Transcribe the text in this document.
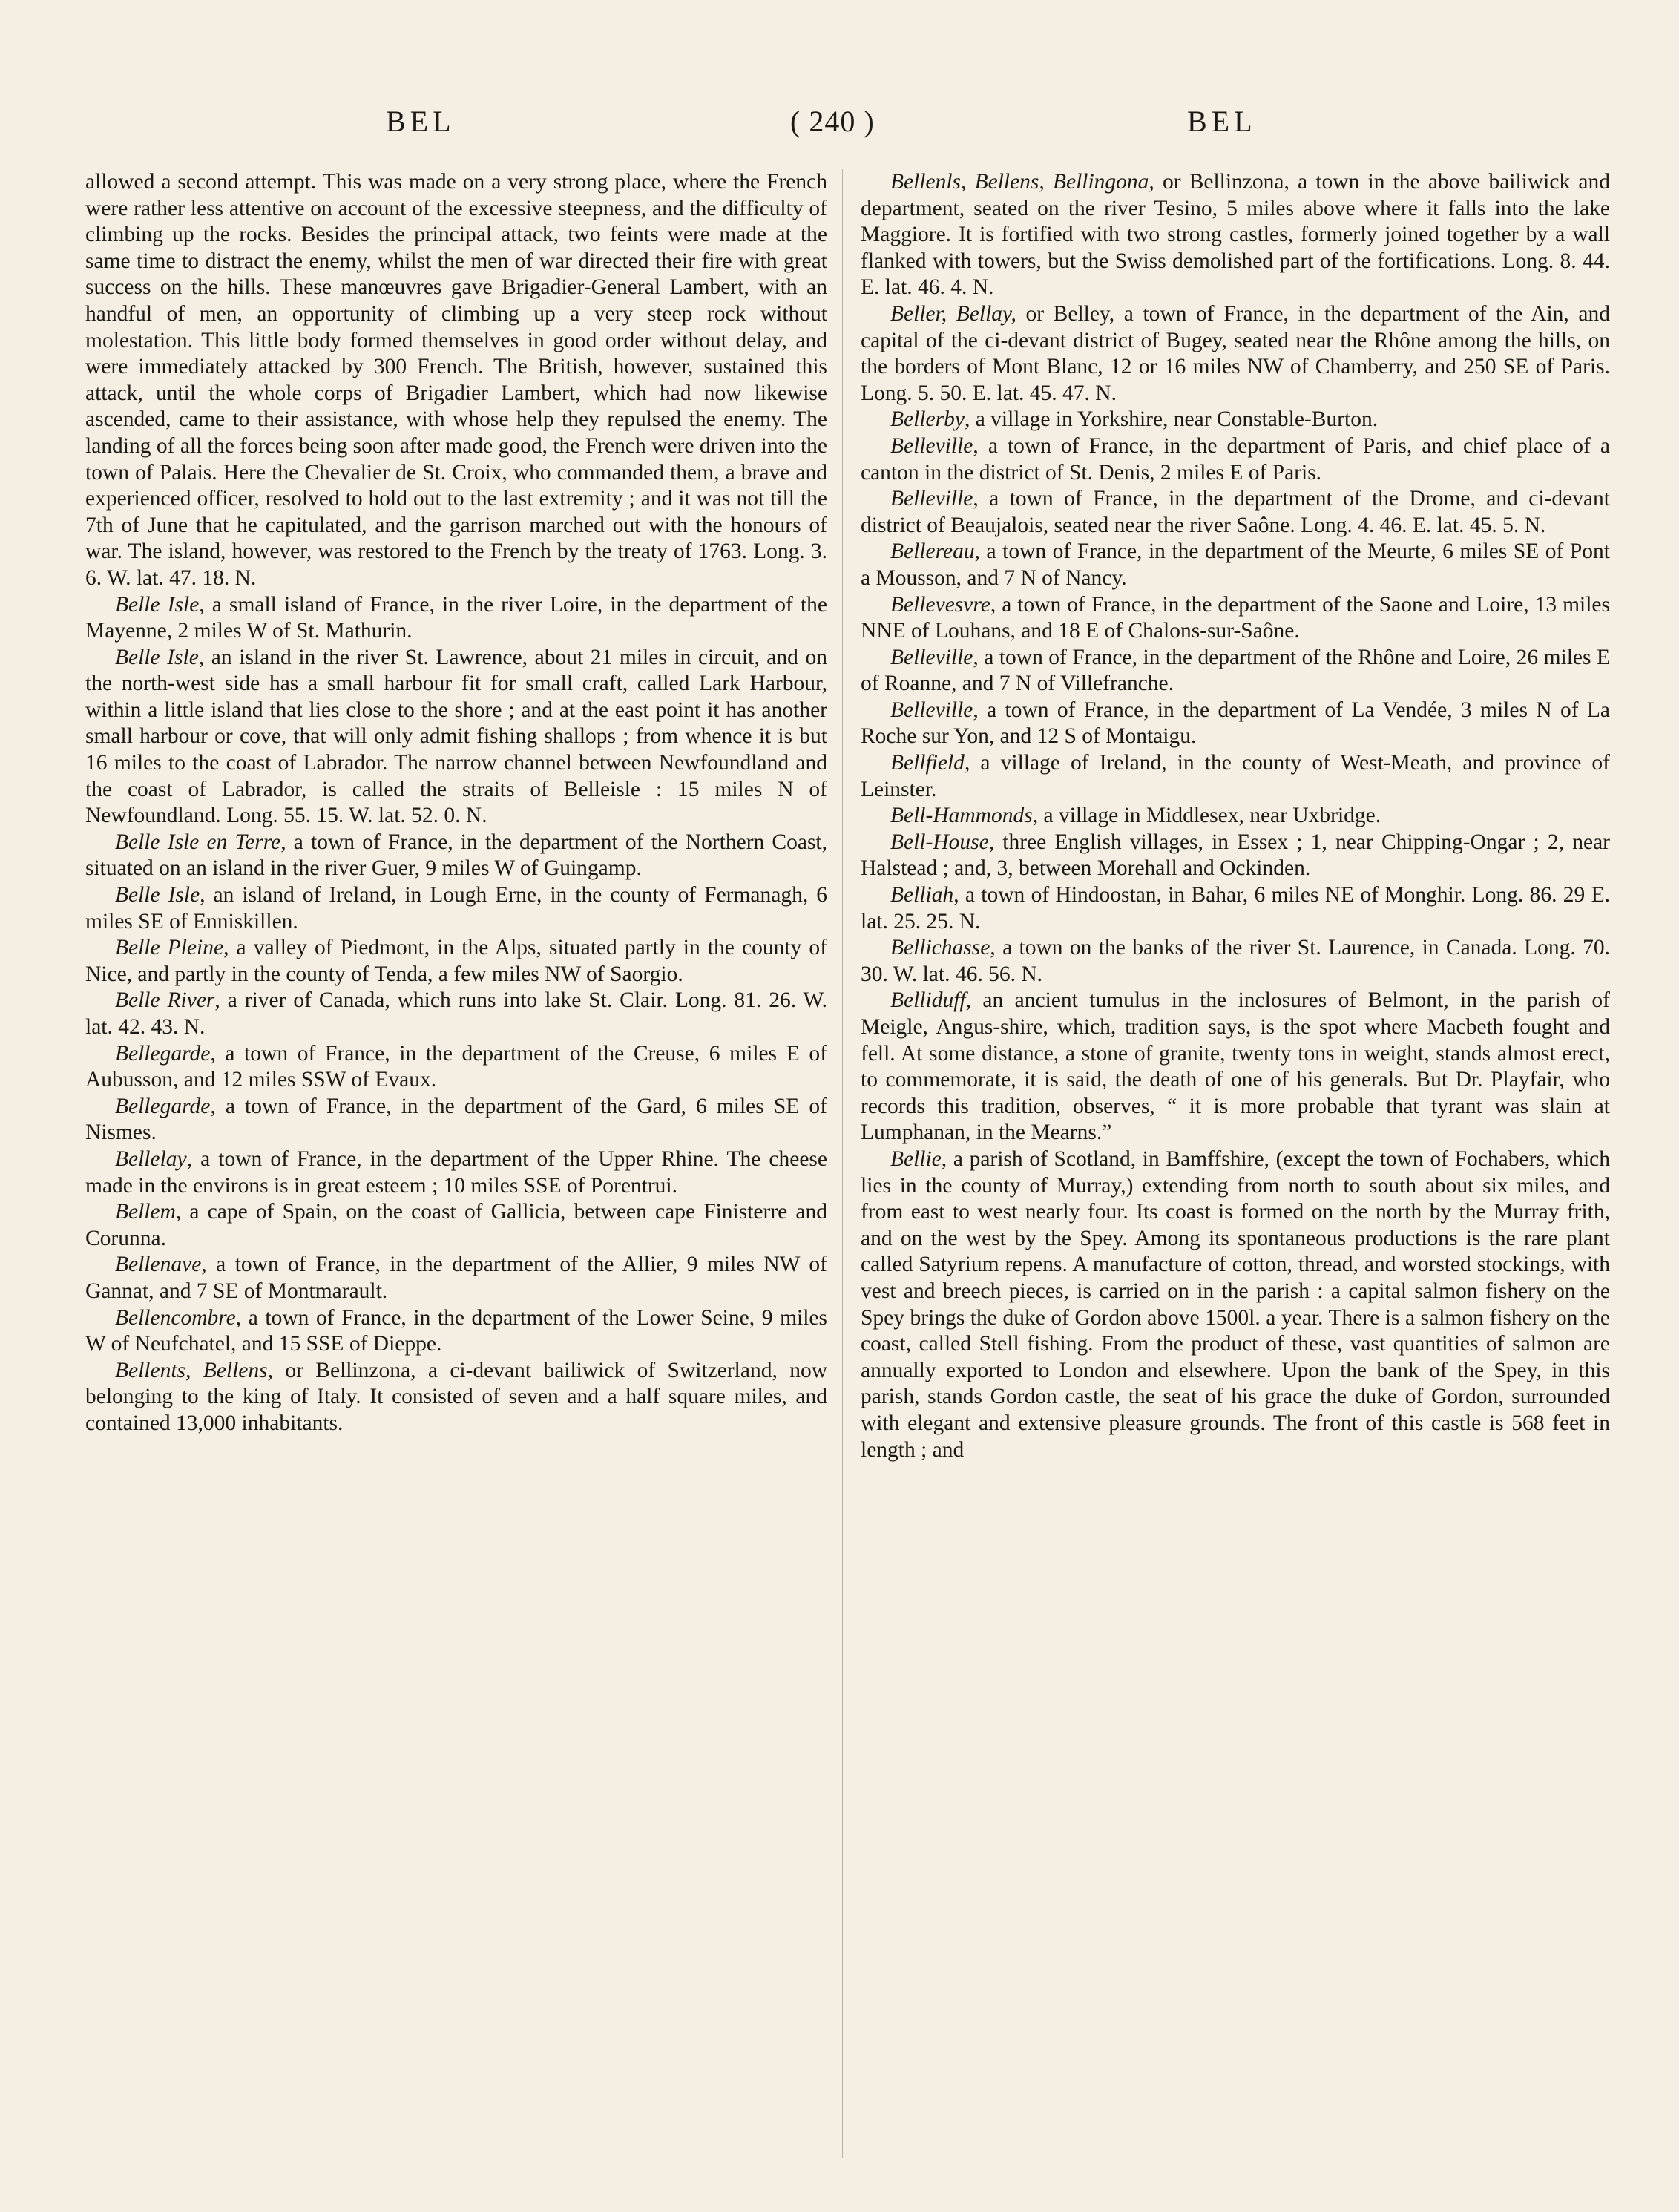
BEL	( 240 )	BEL

allowed a second attempt. This was made on a very strong place, where the French were rather less attentive on account of the excessive steepness, and the difficulty of climbing up the rocks. Besides the principal attack, two feints were made at the same time to distract the enemy, whilst the men of war directed their fire with great success on the hills. These manœuvres gave Brigadier-General Lambert, with an handful of men, an opportunity of climbing up a very steep rock without molestation. This little body formed themselves in good order without delay, and were immediately attacked by 300 French. The British, however, sustained this attack, until the whole corps of Brigadier Lambert, which had now likewise ascended, came to their assistance, with whose help they repulsed the enemy. The landing of all the forces being soon after made good, the French were driven into the town of Palais. Here the Chevalier de St. Croix, who commanded them, a brave and experienced officer, resolved to hold out to the last extremity ; and it was not till the 7th of June that he capitulated, and the garrison marched out with the honours of war. The island, however, was restored to the French by the treaty of 1763. Long. 3. 6. W. lat. 47. 18. N.

Belle Isle, a small island of France, in the river Loire, in the department of the Mayenne, 2 miles W of St. Mathurin.

Belle Isle, an island in the river St. Lawrence, about 21 miles in circuit, and on the north-west side has a small harbour fit for small craft, called Lark Harbour, within a little island that lies close to the shore ; and at the east point it has another small harbour or cove, that will only admit fishing shallops ; from whence it is but 16 miles to the coast of Labrador. The narrow channel between Newfoundland and the coast of Labrador, is called the straits of Belleisle : 15 miles N of Newfoundland. Long. 55. 15. W. lat. 52. 0. N.

Belle Isle en Terre, a town of France, in the department of the Northern Coast, situated on an island in the river Guer, 9 miles W of Guingamp.

Belle Isle, an island of Ireland, in Lough Erne, in the county of Fermanagh, 6 miles SE of Enniskillen.

Belle Pleine, a valley of Piedmont, in the Alps, situated partly in the county of Nice, and partly in the county of Tenda, a few miles NW of Saorgio.

Belle River, a river of Canada, which runs into lake St. Clair. Long. 81. 26. W. lat. 42. 43. N.

Bellegarde, a town of France, in the department of the Creuse, 6 miles E of Aubusson, and 12 miles SSW of Evaux.

Bellegarde, a town of France, in the department of the Gard, 6 miles SE of Nismes.

Bellelay, a town of France, in the department of the Upper Rhine. The cheese made in the environs is in great esteem ; 10 miles SSE of Porentrui.

Bellem, a cape of Spain, on the coast of Gallicia, between cape Finisterre and Corunna.

Bellenave, a town of France, in the department of the Allier, 9 miles NW of Gannat, and 7 SE of Montmarault.

Bellencombre, a town of France, in the department of the Lower Seine, 9 miles W of Neufchatel, and 15 SSE of Dieppe.

Bellents, Bellens, or Bellinzona, a ci-devant bailiwick of Switzerland, now belonging to the king of Italy. It consisted of seven and a half square miles, and contained 13,000 inhabitants.

Bellenls, Bellens, Bellingona, or Bellinzona, a town in the above bailiwick and department, seated on the river Tesino, 5 miles above where it falls into the lake Maggiore. It is fortified with two strong castles, formerly joined together by a wall flanked with towers, but the Swiss demolished part of the fortifications. Long. 8. 44. E. lat. 46. 4. N.

Beller, Bellay, or Belley, a town of France, in the department of the Ain, and capital of the ci-devant district of Bugey, seated near the Rhône among the hills, on the borders of Mont Blanc, 12 or 16 miles NW of Chamberry, and 250 SE of Paris. Long. 5. 50. E. lat. 45. 47. N.

Bellerby, a village in Yorkshire, near Constable-Burton.

Belleville, a town of France, in the department of Paris, and chief place of a canton in the district of St. Denis, 2 miles E of Paris.

Belleville, a town of France, in the department of the Drome, and ci-devant district of Beaujalois, seated near the river Saône. Long. 4. 46. E. lat. 45. 5. N.

Bellereau, a town of France, in the department of the Meurte, 6 miles SE of Pont a Mousson, and 7 N of Nancy.

Bellevesvre, a town of France, in the department of the Saone and Loire, 13 miles NNE of Louhans, and 18 E of Chalons-sur-Saône.

Belleville, a town of France, in the department of the Rhône and Loire, 26 miles E of Roanne, and 7 N of Villefranche.

Belleville, a town of France, in the department of La Vendée, 3 miles N of La Roche sur Yon, and 12 S of Montaigu.

Bellfield, a village of Ireland, in the county of West-Meath, and province of Leinster.

Bell-Hammonds, a village in Middlesex, near Uxbridge.

Bell-House, three English villages, in Essex ; 1, near Chipping-Ongar ; 2, near Halstead ; and, 3, between Morehall and Ockinden.

Belliah, a town of Hindoostan, in Bahar, 6 miles NE of Monghir. Long. 86. 29 E. lat. 25. 25. N.

Bellichasse, a town on the banks of the river St. Laurence, in Canada. Long. 70. 30. W. lat. 46. 56. N.

Belliduff, an ancient tumulus in the inclosures of Belmont, in the parish of Meigle, Angus-shire, which, tradition says, is the spot where Macbeth fought and fell. At some distance, a stone of granite, twenty tons in weight, stands almost erect, to commemorate, it is said, the death of one of his generals. But Dr. Playfair, who records this tradition, observes, “ it is more probable that tyrant was slain at Lumphanan, in the Mearns.”

Bellie, a parish of Scotland, in Bamffshire, (except the town of Fochabers, which lies in the county of Murray,) extending from north to south about six miles, and from east to west nearly four. Its coast is formed on the north by the Murray frith, and on the west by the Spey. Among its spontaneous productions is the rare plant called Satyrium repens. A manufacture of cotton, thread, and worsted stockings, with vest and breech pieces, is carried on in the parish : a capital salmon fishery on the Spey brings the duke of Gordon above 1500l. a year. There is a salmon fishery on the coast, called Stell fishing. From the product of these, vast quantities of salmon are annually exported to London and elsewhere. Upon the bank of the Spey, in this parish, stands Gordon castle, the seat of his grace the duke of Gordon, surrounded with elegant and extensive pleasure grounds. The front of this castle is 568 feet in length ; and
